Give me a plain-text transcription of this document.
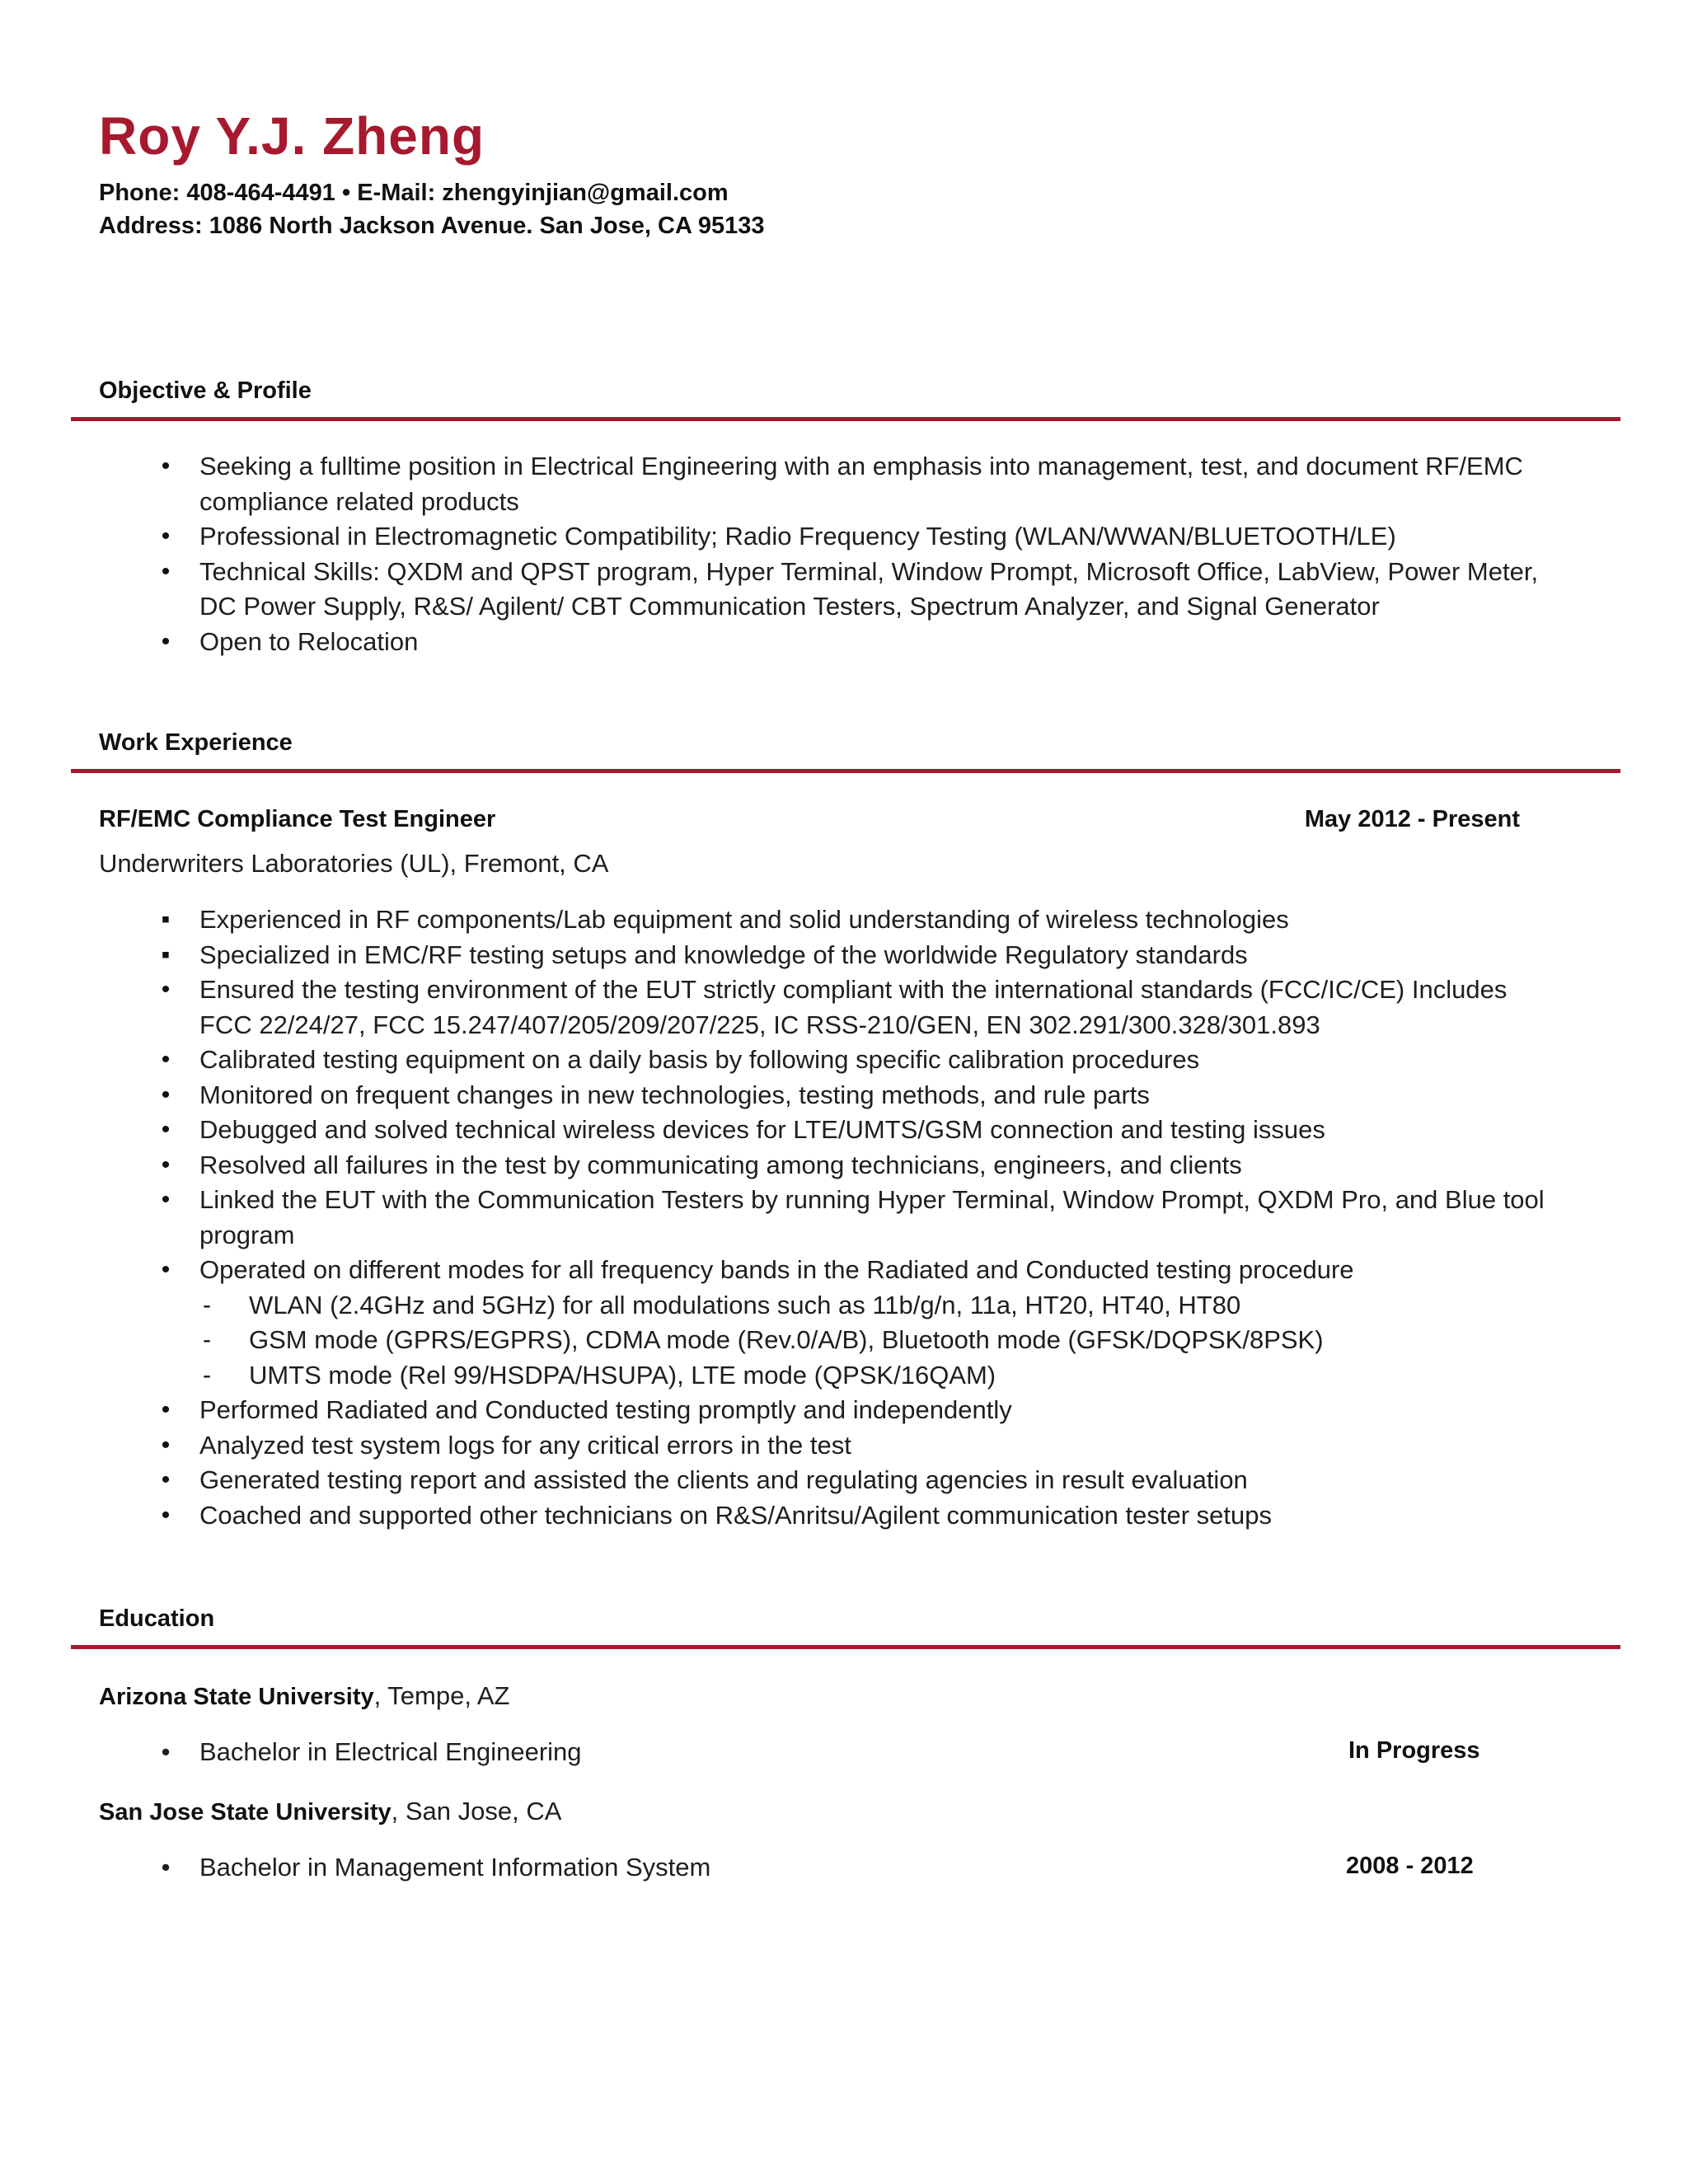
Roy Y.J. Zheng
Phone: 408-464-4491 • E-Mail: zhengyinjian@gmail.com
Address: 1086 North Jackson Avenue. San Jose, CA 95133
Objective & Profile
•	Seeking a fulltime position in Electrical Engineering with an emphasis into management, test, and document RF/EMC compliance related products
•	Professional in Electromagnetic Compatibility; Radio Frequency Testing (WLAN/WWAN/BLUETOOTH/LE)
•	Technical Skills: QXDM and QPST program, Hyper Terminal, Window Prompt, Microsoft Office, LabView, Power Meter, DC Power Supply, R&S/ Agilent/ CBT Communication Testers, Spectrum Analyzer, and Signal Generator
•	Open to Relocation
Work Experience
RF/EMC Compliance Test Engineer	May 2012 - Present
Underwriters Laboratories (UL), Fremont, CA
▪	Experienced in RF components/Lab equipment and solid understanding of wireless technologies
▪	Specialized in EMC/RF testing setups and knowledge of the worldwide Regulatory standards
•	Ensured the testing environment of the EUT strictly compliant with the international standards (FCC/IC/CE) Includes FCC 22/24/27, FCC 15.247/407/205/209/207/225, IC RSS-210/GEN, EN 302.291/300.328/301.893
•	Calibrated testing equipment on a daily basis by following specific calibration procedures
•	Monitored on frequent changes in new technologies, testing methods, and rule parts
•	Debugged and solved technical wireless devices for LTE/UMTS/GSM connection and testing issues
•	Resolved all failures in the test by communicating among technicians, engineers, and clients
•	Linked the EUT with the Communication Testers by running Hyper Terminal, Window Prompt, QXDM Pro, and Blue tool program
•	Operated on different modes for all frequency bands in the Radiated and Conducted testing procedure
-	WLAN (2.4GHz and 5GHz) for all modulations such as 11b/g/n, 11a, HT20, HT40, HT80
-	GSM mode (GPRS/EGPRS), CDMA mode (Rev.0/A/B), Bluetooth mode (GFSK/DQPSK/8PSK)
-	UMTS mode (Rel 99/HSDPA/HSUPA), LTE mode (QPSK/16QAM)
•	Performed Radiated and Conducted testing promptly and independently
•	Analyzed test system logs for any critical errors in the test
•	Generated testing report and assisted the clients and regulating agencies in result evaluation
•	Coached and supported other technicians on R&S/Anritsu/Agilent communication tester setups
Education
Arizona State University, Tempe, AZ
•	Bachelor in Electrical Engineering	In Progress
San Jose State University, San Jose, CA
•	Bachelor in Management Information System	2008 - 2012
